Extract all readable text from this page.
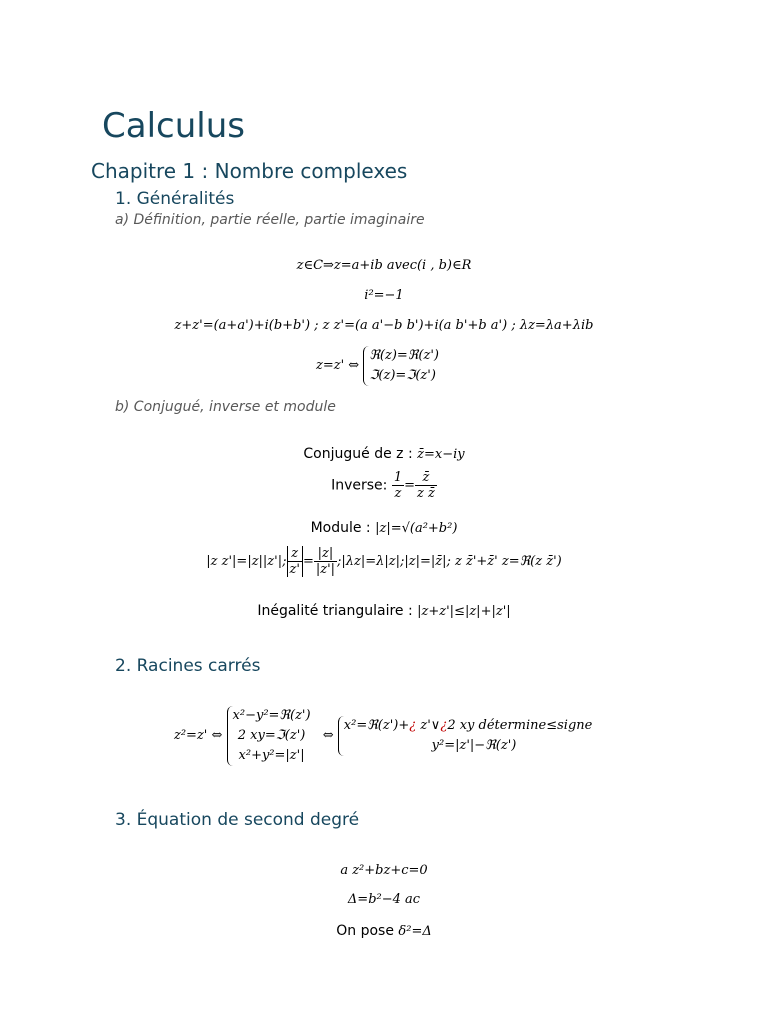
Calculus
Chapitre 1 : Nombre complexes
1. Généralités
a) Définition, partie réelle, partie imaginaire
z∈C⇒z=a+ib avec(i , b)∈R
i²=−1
z+z'=(a+a')+i(b+b') ; z z'=(a a'−b b')+i(a b'+b a') ; λz=λa+λib
z=z' ⇔
ℜ(z)=ℜ(z')
ℑ(z)=ℑ(z')
b) Conjugué, inverse et module
Conjugué de z : z̄=x−iy
Inverse: $\frac{1}{z} = \frac{z̄}{\text{z z̄}}$
Module : |z|=√(a²+b²)
|z z'|=|z||z'|; $\frac{z}{z'} = \frac{|z|}{|z'|}$ ;|λz|=λ|z|;|z|=|z̄|; z z̄'+z̄' z=ℜ(z z̄')
Inégalité triangulaire : |z+z'|≤|z|+|z'|
2. Racines carrés
z²=z' ⇔
x²−y²=ℜ(z')
2 xy=ℑ(z')
x²+y²=|z'|
⇔
x²=ℜ(z')+¿ z'∨¿2 xy détermine≤signe
y²=|z'|−ℜ(z')
3. Équation de second degré
a z²+bz+c=0
Δ=b²−4 ac
On pose δ²=Δ
